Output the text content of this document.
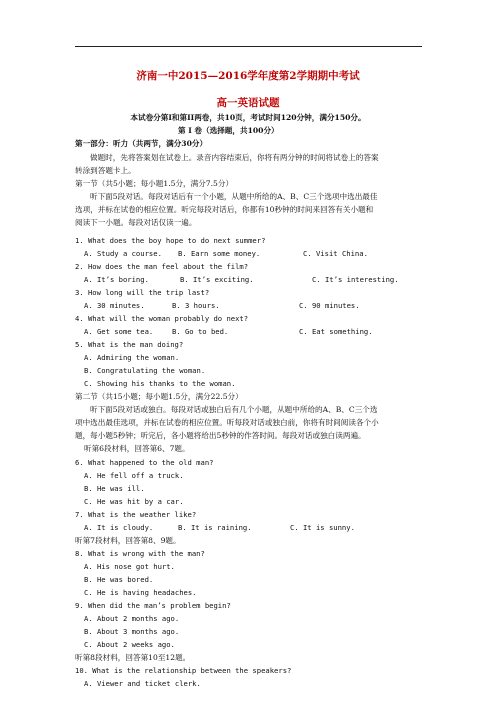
济南一中2015—2016学年度第2学期期中考试
高一英语试题
本试卷分第I和第II两卷，共10页，考试时间120分钟，满分150分。
第 I 卷（选择题，共100分）
第一部分：听力（共两节，满分30分）
做题时，先将答案划在试卷上。录音内容结束后，你将有两分钟的时间将试卷上的答案
转涂到答题卡上。
第一节（共5小题；每小题1.5分，满分7.5分）
听下面5段对话。每段对话后有一个小题，从题中所给的A、B、C三个选项中选出最佳
选项，并标在试卷的相应位置。听完每段对话后，你都有10秒钟的时间来回答有关小题和
阅读下一小题。每段对话仅读一遍。
1. What does the boy hope to do next summer?
A. Study a course. B. Earn some money.	C. Visit China.
2. How does the man feel about the film?
A. It’s boring.	B. It’s exciting.	C. It’s interesting.
3. How long will the trip last?
A. 30 minutes.	B. 3 hours.	C. 90 minutes.
4. What will the woman probably do next?
A. Get some tea.	B. Go to bed.	C. Eat something.
5. What is the man doing?
A. Admiring the woman.
B. Congratulating the woman.
C. Showing his thanks to the woman.
第二节（共15小题；每小题1.5分，满分22.5分）
听下面5段对话或独白。每段对话或独白后有几个小题，从题中所给的A、B、C三个选
项中选出最佳选项，并标在试卷的相应位置。听每段对话或独白前，你将有时间阅读各个小
题，每小题5秒钟；听完后，各小题将给出5秒钟的作答时间。每段对话或独白读两遍。
听第6段材料，回答第6、7题。
6. What happened to the old man?
A. He fell off a truck.
B. He was ill.
C. He was hit by a car.
7. What is the weather like?
A. It is cloudy.	B. It is raining.	C. It is sunny.
听第7段材料，回答第8、9题。
8. What is wrong with the man?
A. His nose got hurt.
B. He was bored.
C. He is having headaches.
9. When did the man’s problem begin?
A. About 2 months ago.
B. About 3 months ago.
C. About 2 weeks ago.
听第8段材料，回答第10至12题。
10. What is the relationship between the speakers?
A. Viewer and ticket clerk.
